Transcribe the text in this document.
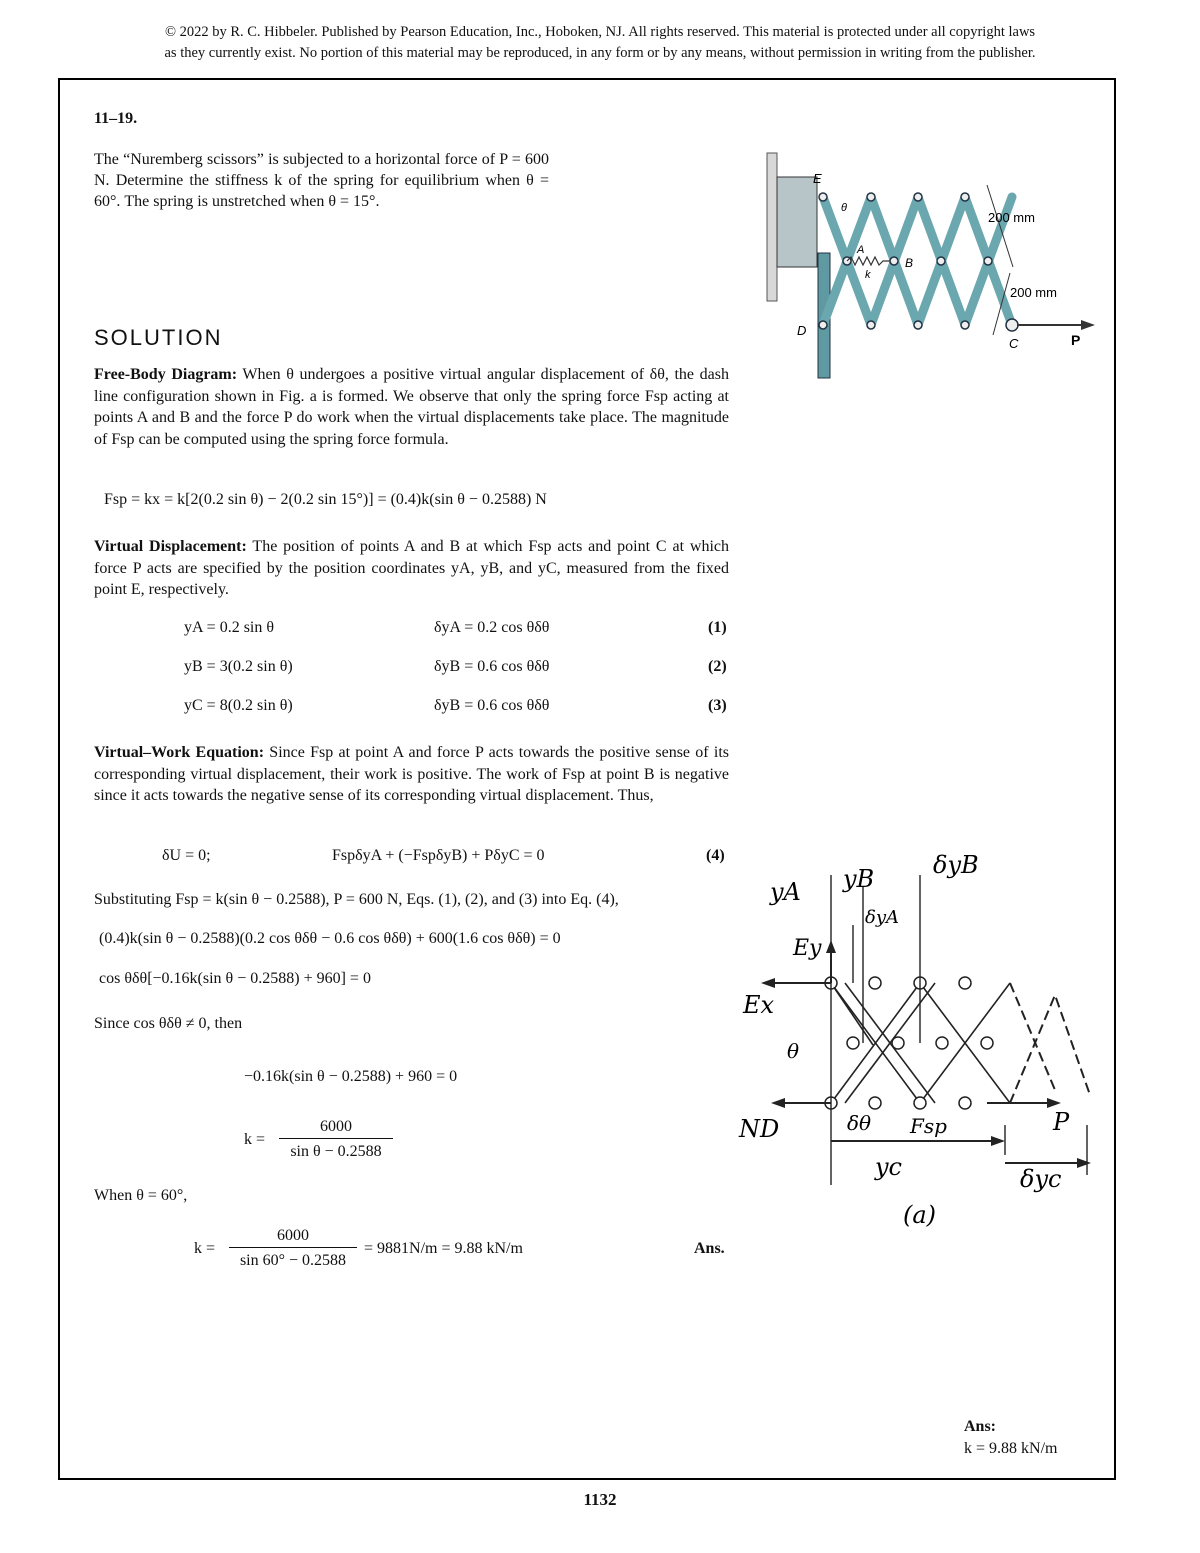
© 2022 by R. C. Hibbeler. Published by Pearson Education, Inc., Hoboken, NJ. All rights reserved. This material is protected under all copyright laws
as they currently exist. No portion of this material may be reproduced, in any form or by any means, without permission in writing from the publisher.
11–19.
The “Nuremberg scissors” is subjected to a horizontal force of P = 600 N. Determine the stiffness k of the spring for equilibrium when θ = 60°. The spring is unstretched when θ = 15°.
SOLUTION
Free-Body Diagram: When θ undergoes a positive virtual angular displacement of δθ, the dash line configuration shown in Fig. a is formed. We observe that only the spring force Fsp acting at points A and B and the force P do work when the virtual displacements take place. The magnitude of Fsp can be computed using the spring force formula.
Fsp = kx = k[2(0.2 sin θ) − 2(0.2 sin 15°)] = (0.4)k(sin θ − 0.2588) N
Virtual Displacement: The position of points A and B at which Fsp acts and point C at which force P acts are specified by the position coordinates yA, yB, and yC, measured from the fixed point E, respectively.
yA = 0.2 sin θ	δyA = 0.2 cos θδθ	(1)
yB = 3(0.2 sin θ)	δyB = 0.6 cos θδθ	(2)
yC = 8(0.2 sin θ)	δyB = 0.6 cos θδθ	(3)
Virtual–Work Equation: Since Fsp at point A and force P acts towards the positive sense of its corresponding virtual displacement, their work is positive. The work of Fsp at point B is negative since it acts towards the negative sense of its corresponding virtual displacement. Thus,
δU = 0;	FspδyA + (−FspδyB) + PδyC = 0	(4)
Substituting Fsp = k(sin θ − 0.2588), P = 600 N, Eqs. (1), (2), and (3) into Eq. (4),
(0.4)k(sin θ − 0.2588)(0.2 cos θδθ − 0.6 cos θδθ) + 600(1.6 cos θδθ) = 0
cos θδθ[−0.16k(sin θ − 0.2588) + 960] = 0
Since cos θδθ ≠ 0, then
−0.16k(sin θ − 0.2588) + 960 = 0
k =
6000
sin θ − 0.2588
When θ = 60°,
k =
6000
sin 60° − 0.2588
= 9881N/m = 9.88 kN/m	Ans.
Ans:
k = 9.88 kN/m
1132
E
θ
A
B
k
D
C	P
200 mm
200 mm
yA yB δyB
δyA
Ey
Ex
θ
ND	δθ Fsp	P
yc	δyc
(a)
